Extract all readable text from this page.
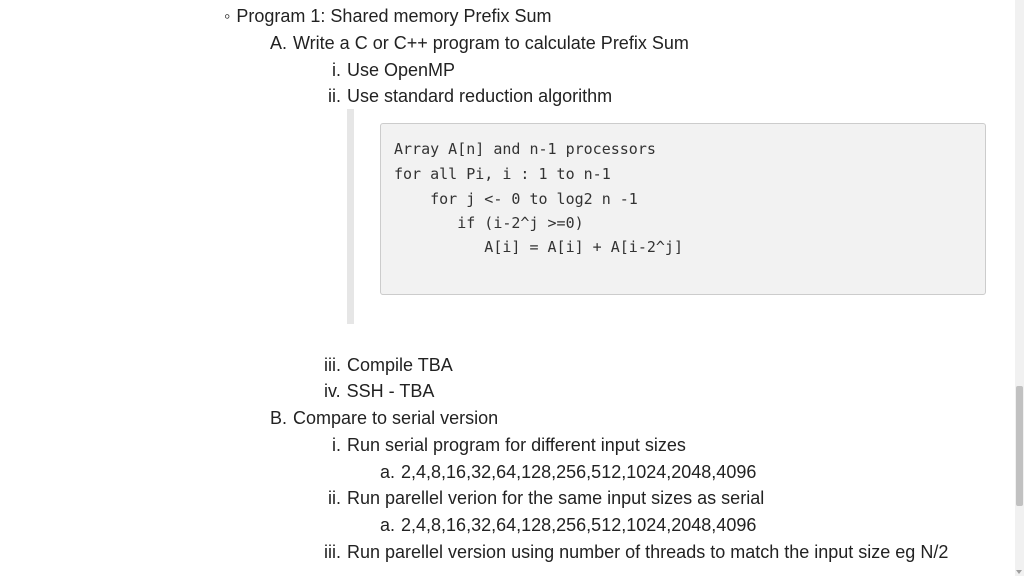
◦ Program 1: Shared memory Prefix Sum
A. Write a C or C++ program to calculate Prefix Sum
i. Use OpenMP
ii. Use standard reduction algorithm
Array A[n] and n-1 processors
for all Pi, i : 1 to n-1
for j <- 0 to log2 n -1
if (i-2^j >=0)
A[i] = A[i] + A[i-2^j]
iii. Compile TBA
iv. SSH - TBA
B. Compare to serial version
i. Run serial program for different input sizes
a. 2,4,8,16,32,64,128,256,512,1024,2048,4096
ii. Run parellel verion for the same input sizes as serial
a. 2,4,8,16,32,64,128,256,512,1024,2048,4096
iii. Run parellel version using number of threads to match the input size eg N/2
